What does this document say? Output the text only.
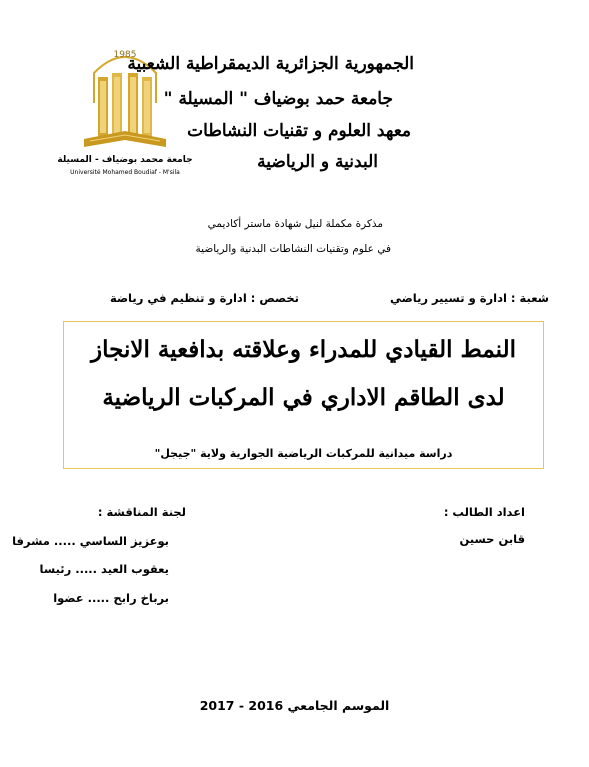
1985
جامعة محمد بوضياف - المسيلة
Université Mohamed Boudiaf - M'sila
الجمهورية الجزائرية الديمقراطية الشعبية
جامعة حمد بوضياف " المسيلة "
معهد العلوم و تقنيات النشاطات
البدنية و الرياضية
مذكرة مكملة لنيل شهادة ماستر أكاديمي
في علوم وتقنيات النشاطات البدنية والرياضية
شعبة : ادارة و تسيير رياضي
تخصص : ادارة و تنظيم في رياضة
النمط القيادي للمدراء وعلاقته بدافعية الانجاز
لدى الطاقم الاداري في المركبات الرياضية
دراسة ميدانية للمركبات الرياضية الجوارية ولاية "جيجل"
اعداد الطالب :
قابن حسين
لجنة المناقشة :
بوعزيز الساسي ..... مشرفا
يعقوب العيد ..... رئيسا
برباخ رابح ..... عضوا
الموسم الجامعي 2016 - 2017
